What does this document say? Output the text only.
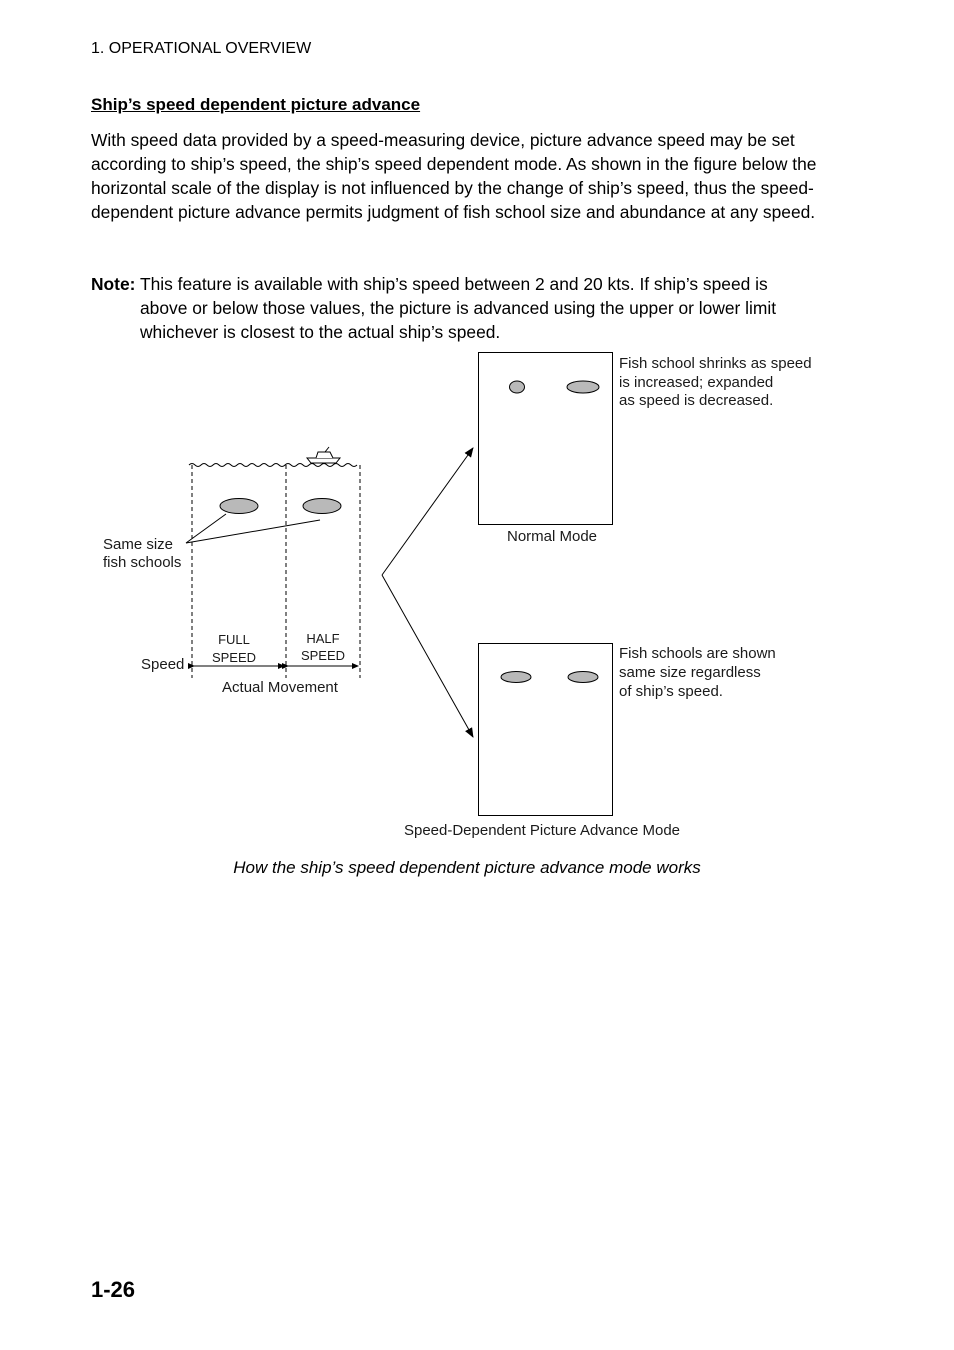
1. OPERATIONAL OVERVIEW
Ship’s speed dependent picture advance
With speed data provided by a speed-measuring device, picture advance speed may be set according to ship’s speed, the ship’s speed dependent mode. As shown in the figure below the horizontal scale of the display is not influenced by the change of ship’s speed, thus the speed-dependent picture advance permits judgment of fish school size and abundance at any speed.
Note: This feature is available with ship’s speed between 2 and 20 kts. If ship’s speed is
above or below those values, the picture is advanced using the upper or lower limit
whichever is closest to the actual ship’s speed.
Same size
fish schools
FULL
SPEED
HALF
SPEED
Speed
Actual Movement
Normal Mode
Fish school shrinks as speed
is increased; expanded
as speed is decreased.
Speed-Dependent Picture Advance Mode
Fish schools are shown
same size regardless
of ship’s speed.
How the ship’s speed dependent picture advance mode works
1-26
